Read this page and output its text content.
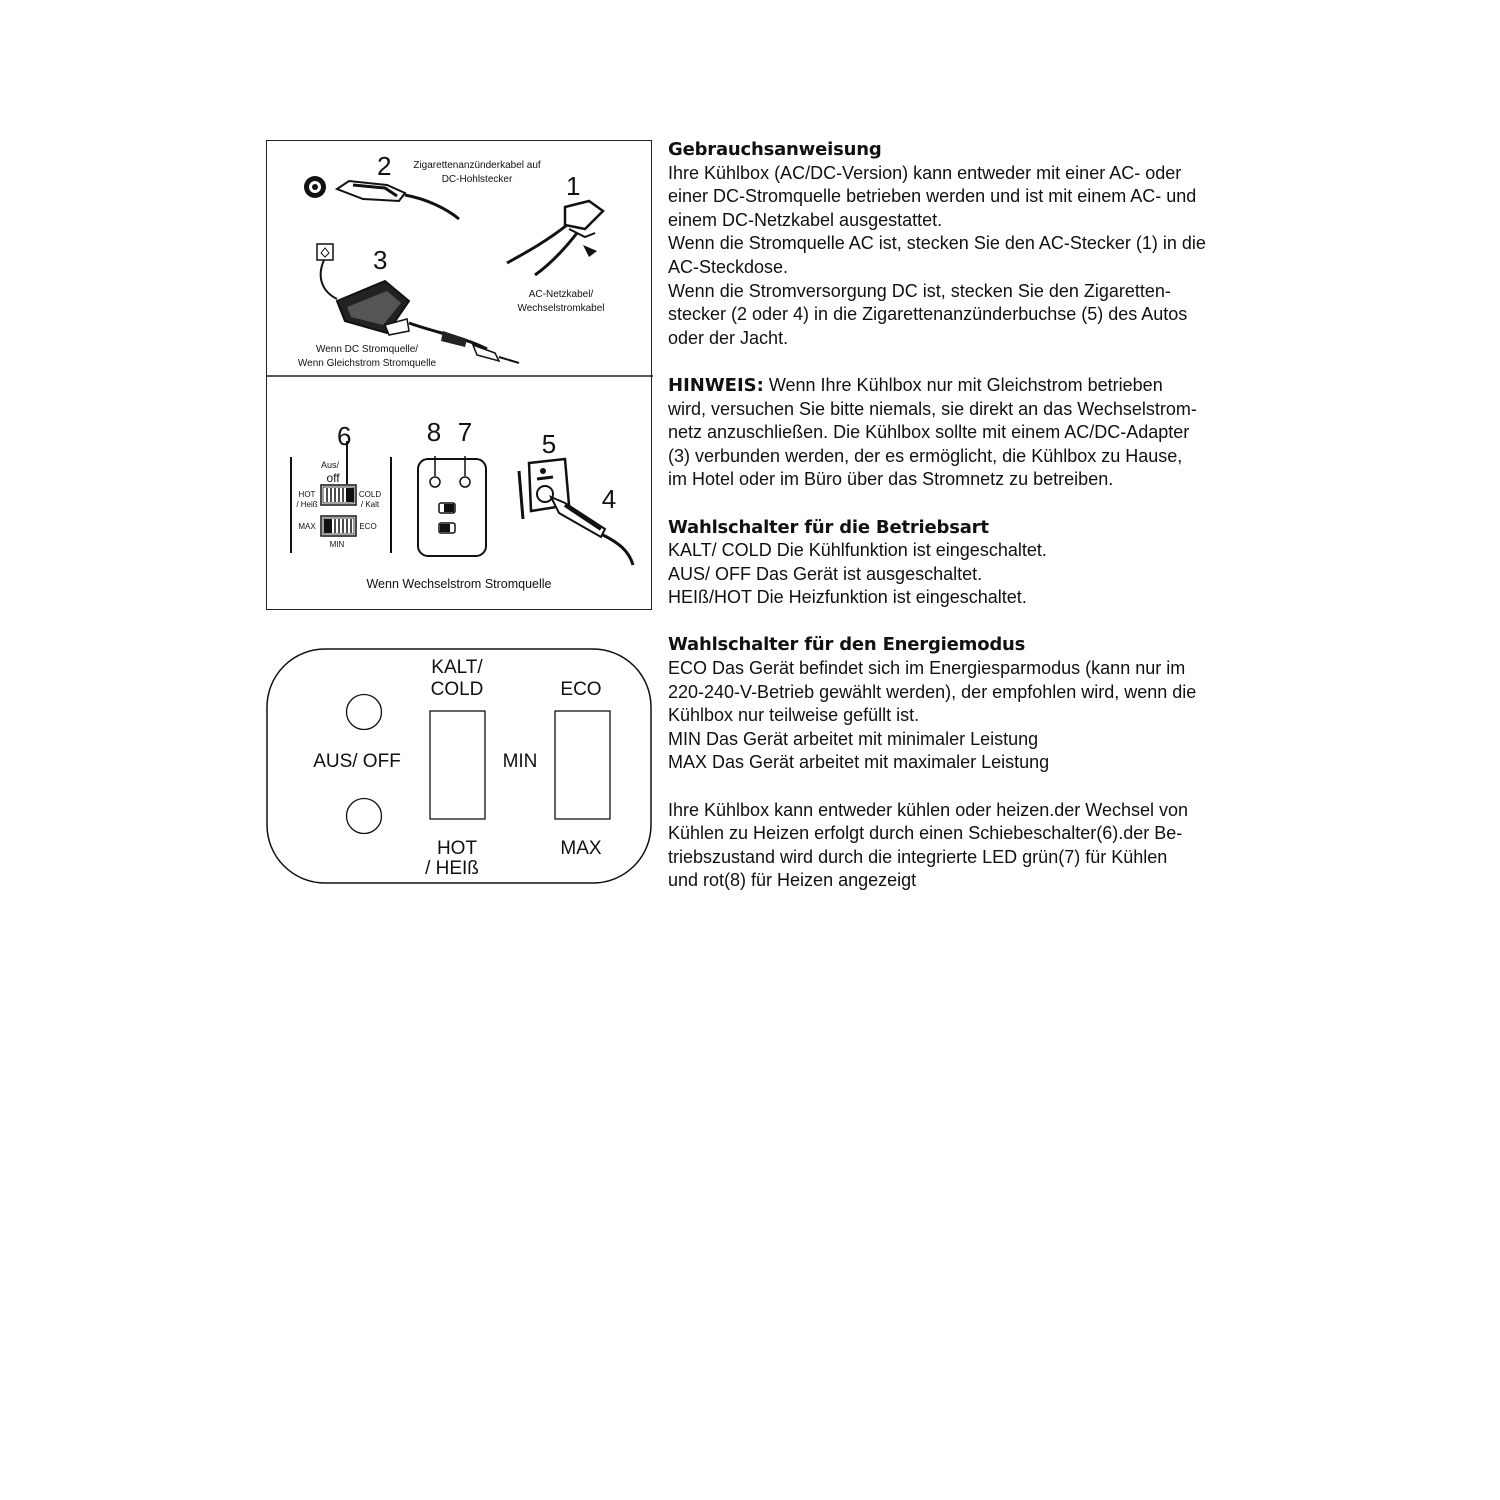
2
1
3
Zigarettenanzünderkabel auf
DC-Hohlstecker
AC-Netzkabel/
Wechselstromkabel
Wenn DC Stromquelle/
Wenn Gleichstrom Stromquelle
6
Aus/
off
HOT
/ Heiß
COLD
/ Kalt
MAX	ECO
MIN
8 7	5
4
Wenn Wechselstrom Stromquelle
KALT/
COLD	ECO
AUS/ OFF	MIN
HOT
/ HEIß
MAX
Gebrauchsanweisung

Ihre Kühlbox (AC/DC-Version) kann entweder mit einer AC- oder

einer DC-Stromquelle betrieben werden und ist mit einem AC- und

einem DC-Netzkabel ausgestattet.

Wenn die Stromquelle AC ist, stecken Sie den AC-Stecker (1) in die

AC-Steckdose.

Wenn die Stromversorgung DC ist, stecken Sie den Zigaretten-

stecker (2 oder 4) in die Zigarettenanzünderbuchse (5) des Autos

oder der Jacht.

HINWEIS: Wenn Ihre Kühlbox nur mit Gleichstrom betrieben

wird, versuchen Sie bitte niemals, sie direkt an das Wechselstrom-

netz anzuschließen. Die Kühlbox sollte mit einem AC/DC-Adapter

(3) verbunden werden, der es ermöglicht, die Kühlbox zu Hause,

im Hotel oder im Büro über das Stromnetz zu betreiben.

Wahlschalter für die Betriebsart

KALT/ COLD Die Kühlfunktion ist eingeschaltet.

AUS/ OFF Das Gerät ist ausgeschaltet.

HEIß/HOT Die Heizfunktion ist eingeschaltet.

Wahlschalter für den Energiemodus

ECO Das Gerät befindet sich im Energiesparmodus (kann nur im

220-240-V-Betrieb gewählt werden), der empfohlen wird, wenn die

Kühlbox nur teilweise gefüllt ist.

MIN Das Gerät arbeitet mit minimaler Leistung

MAX Das Gerät arbeitet mit maximaler Leistung

Ihre Kühlbox kann entweder kühlen oder heizen.der Wechsel von

Kühlen zu Heizen erfolgt durch einen Schiebeschalter(6).der Be-

triebszustand wird durch die integrierte LED grün(7) für Kühlen

und rot(8) für Heizen angezeigt
